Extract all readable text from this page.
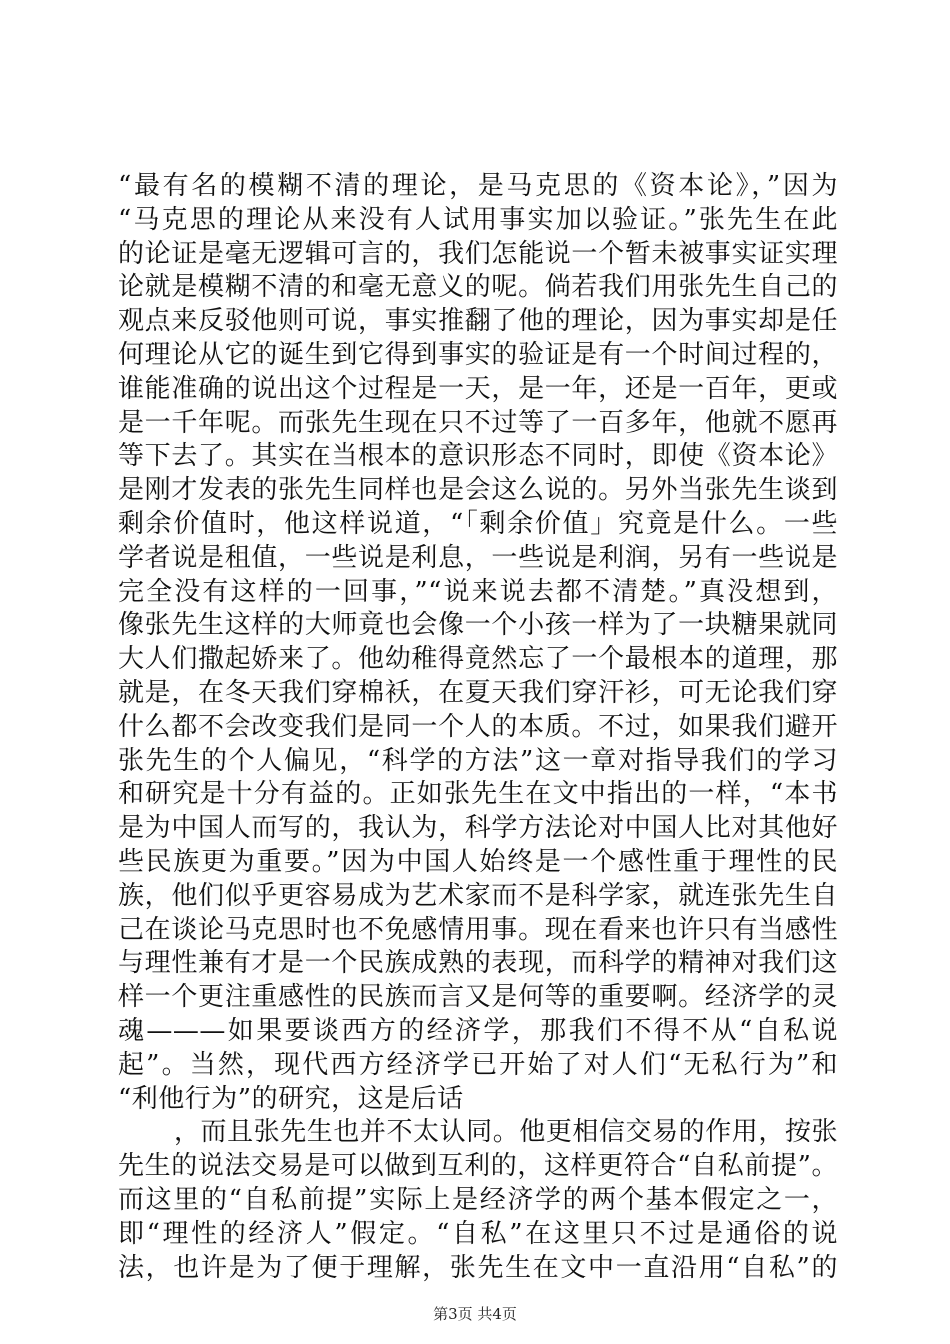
“最有名的模糊不清的理论，是马克思的《资本论》，”因为
“马克思的理论从来没有人试用事实加以验证。”张先生在此
的论证是毫无逻辑可言的，我们怎能说一个暂未被事实证实理
论就是模糊不清的和毫无意义的呢。倘若我们用张先生自己的
观点来反驳他则可说，事实推翻了他的理论，因为事实却是任
何理论从它的诞生到它得到事实的验证是有一个时间过程的，
谁能准确的说出这个过程是一天，是一年，还是一百年，更或
是一千年呢。而张先生现在只不过等了一百多年，他就不愿再
等下去了。其实在当根本的意识形态不同时，即使《资本论》
是刚才发表的张先生同样也是会这么说的。另外当张先生谈到
剩余价值时，他这样说道，“「剩余价值」究竟是什么。一些
学者说是租值，一些说是利息，一些说是利润，另有一些说是
完全没有这样的一回事，”“说来说去都不清楚。”真没想到，
像张先生这样的大师竟也会像一个小孩一样为了一块糖果就同
大人们撒起娇来了。他幼稚得竟然忘了一个最根本的道理，那
就是，在冬天我们穿棉袄，在夏天我们穿汗衫，可无论我们穿
什么都不会改变我们是同一个人的本质。不过，如果我们避开
张先生的个人偏见，“科学的方法”这一章对指导我们的学习
和研究是十分有益的。正如张先生在文中指出的一样，“本书
是为中国人而写的，我认为，科学方法论对中国人比对其他好
些民族更为重要。”因为中国人始终是一个感性重于理性的民
族，他们似乎更容易成为艺术家而不是科学家，就连张先生自
己在谈论马克思时也不免感情用事。现在看来也许只有当感性
与理性兼有才是一个民族成熟的表现，而科学的精神对我们这
样一个更注重感性的民族而言又是何等的重要啊。经济学的灵
魂———如果要谈西方的经济学，那我们不得不从“自私说
起”。当然，现代西方经济学已开始了对人们“无私行为”和
“利他行为”的研究，这是后话
，而且张先生也并不太认同。他更相信交易的作用，按张
先生的说法交易是可以做到互利的，这样更符合“自私前提”。
而这里的“自私前提”实际上是经济学的两个基本假定之一，
即“理性的经济人”假定。“自私”在这里只不过是通俗的说
法，也许是为了便于理解，张先生在文中一直沿用“自私”的
第3页 共4页
